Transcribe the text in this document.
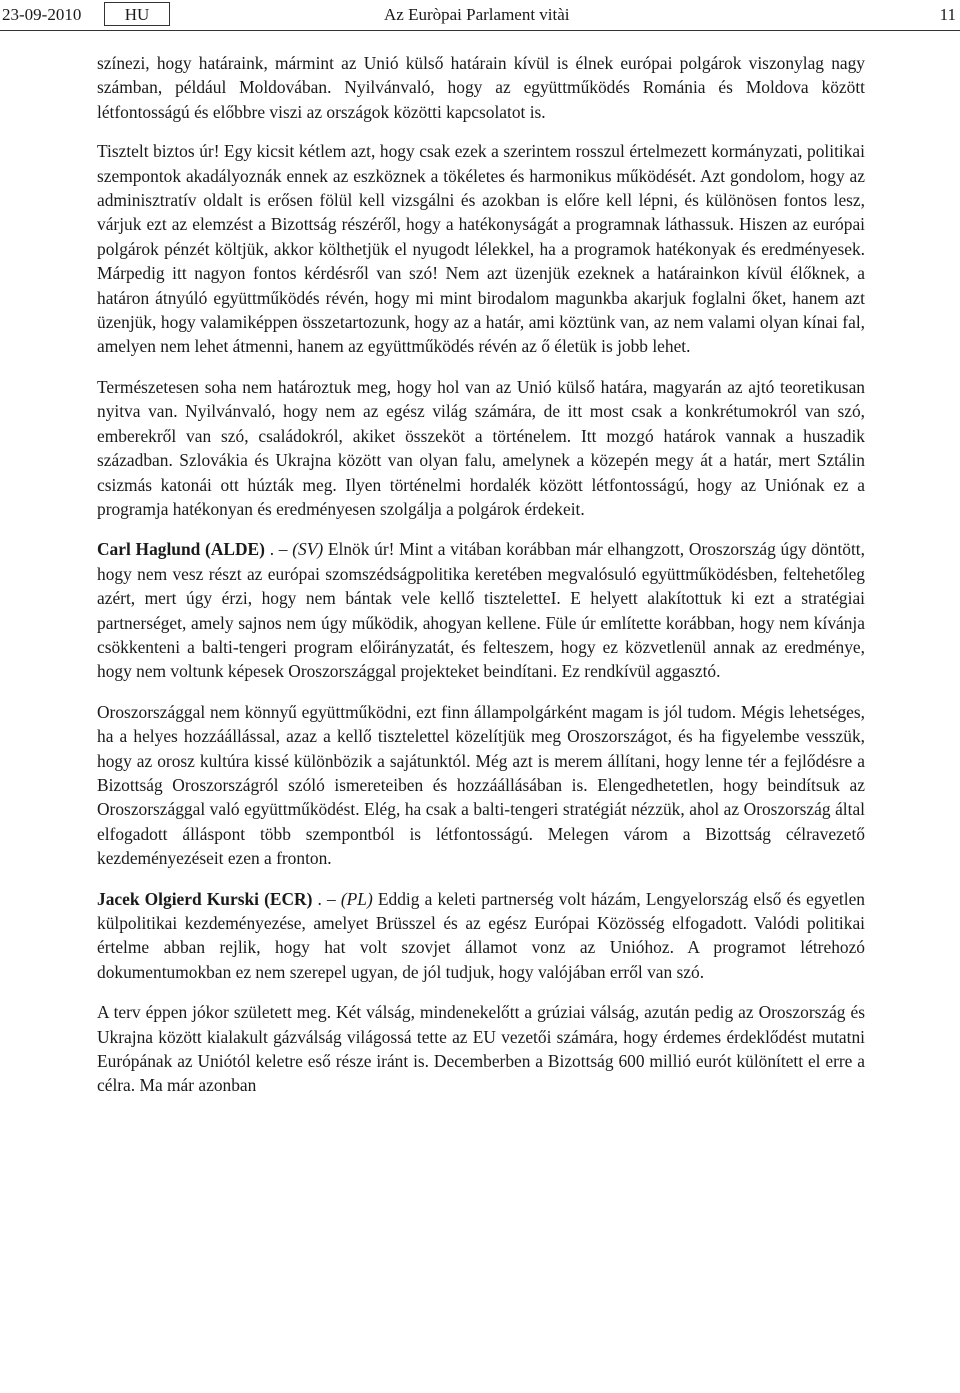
23-09-2010	HU	Az Euròpai Parlament vitài	11

színezi, hogy határaink, mármint az Unió külső határain kívül is élnek európai polgárok viszonylag nagy számban, például Moldovában. Nyilvánvaló, hogy az együttműködés Románia és Moldova között létfontosságú és előbbre viszi az országok közötti kapcsolatot is.

Tisztelt biztos úr! Egy kicsit kétlem azt, hogy csak ezek a szerintem rosszul értelmezett kormányzati, politikai szempontok akadályoznák ennek az eszköznek a tökéletes és harmonikus működését. Azt gondolom, hogy az adminisztratív oldalt is erősen fölül kell vizsgálni és azokban is előre kell lépni, és különösen fontos lesz, várjuk ezt az elemzést a Bizottság részéről, hogy a hatékonyságát a programnak láthassuk. Hiszen az európai polgárok pénzét költjük, akkor költhetjük el nyugodt lélekkel, ha a programok hatékonyak és eredményesek. Márpedig itt nagyon fontos kérdésről van szó! Nem azt üzenjük ezeknek a határainkon kívül élőknek, a határon átnyúló együttműködés révén, hogy mi mint birodalom magunkba akarjuk foglalni őket, hanem azt üzenjük, hogy valamiképpen összetartozunk, hogy az a határ, ami köztünk van, az nem valami olyan kínai fal, amelyen nem lehet átmenni, hanem az együttműködés révén az ő életük is jobb lehet.

Természetesen soha nem határoztuk meg, hogy hol van az Unió külső határa, magyarán az ajtó teoretikusan nyitva van. Nyilvánvaló, hogy nem az egész világ számára, de itt most csak a konkrétumokról van szó, emberekről van szó, családokról, akiket összeköt a történelem. Itt mozgó határok vannak a huszadik században. Szlovákia és Ukrajna között van olyan falu, amelynek a közepén megy át a határ, mert Sztálin csizmás katonái ott húzták meg. Ilyen történelmi hordalék között létfontosságú, hogy az Uniónak ez a programja hatékonyan és eredményesen szolgálja a polgárok érdekeit.

Carl Haglund (ALDE) . – (SV) Elnök úr! Mint a vitában korábban már elhangzott, Oroszország úgy döntött, hogy nem vesz részt az európai szomszédságpolitika keretében megvalósuló együttműködésben, feltehetőleg azért, mert úgy érzi, hogy nem bántak vele kellő tiszteletteI. E helyett alakítottuk ki ezt a stratégiai partnerséget, amely sajnos nem úgy működik, ahogyan kellene. Füle úr említette korábban, hogy nem kívánja csökkenteni a balti-tengeri program előirányzatát, és felteszem, hogy ez közvetlenül annak az eredménye, hogy nem voltunk képesek Oroszországgal projekteket beindítani. Ez rendkívül aggasztó.

Oroszországgal nem könnyű együttműködni, ezt finn állampolgárként magam is jól tudom. Mégis lehetséges, ha a helyes hozzáállással, azaz a kellő tisztelettel közelítjük meg Oroszországot, és ha figyelembe vesszük, hogy az orosz kultúra kissé különbözik a sajátunktól. Még azt is merem állítani, hogy lenne tér a fejlődésre a Bizottság Oroszországról szóló ismereteiben és hozzáállásában is. Elengedhetetlen, hogy beindítsuk az Oroszországgal való együttműködést. Elég, ha csak a balti-tengeri stratégiát nézzük, ahol az Oroszország által elfogadott álláspont több szempontból is létfontosságú. Melegen várom a Bizottság célravezető kezdeményezéseit ezen a fronton.

Jacek Olgierd Kurski (ECR) . – (PL) Eddig a keleti partnerség volt házám, Lengyelország első és egyetlen külpolitikai kezdeményezése, amelyet Brüsszel és az egész Európai Közösség elfogadott. Valódi politikai értelme abban rejlik, hogy hat volt szovjet államot vonz az Unióhoz. A programot létrehozó dokumentumokban ez nem szerepel ugyan, de jól tudjuk, hogy valójában erről van szó.

A terv éppen jókor született meg. Két válság, mindenekelőtt a grúziai válság, azután pedig az Oroszország és Ukrajna között kialakult gázválság világossá tette az EU vezetői számára, hogy érdemes érdeklődést mutatni Európának az Uniótól keletre eső része iránt is. Decemberben a Bizottság 600 millió eurót különített el erre a célra. Ma már azonban
